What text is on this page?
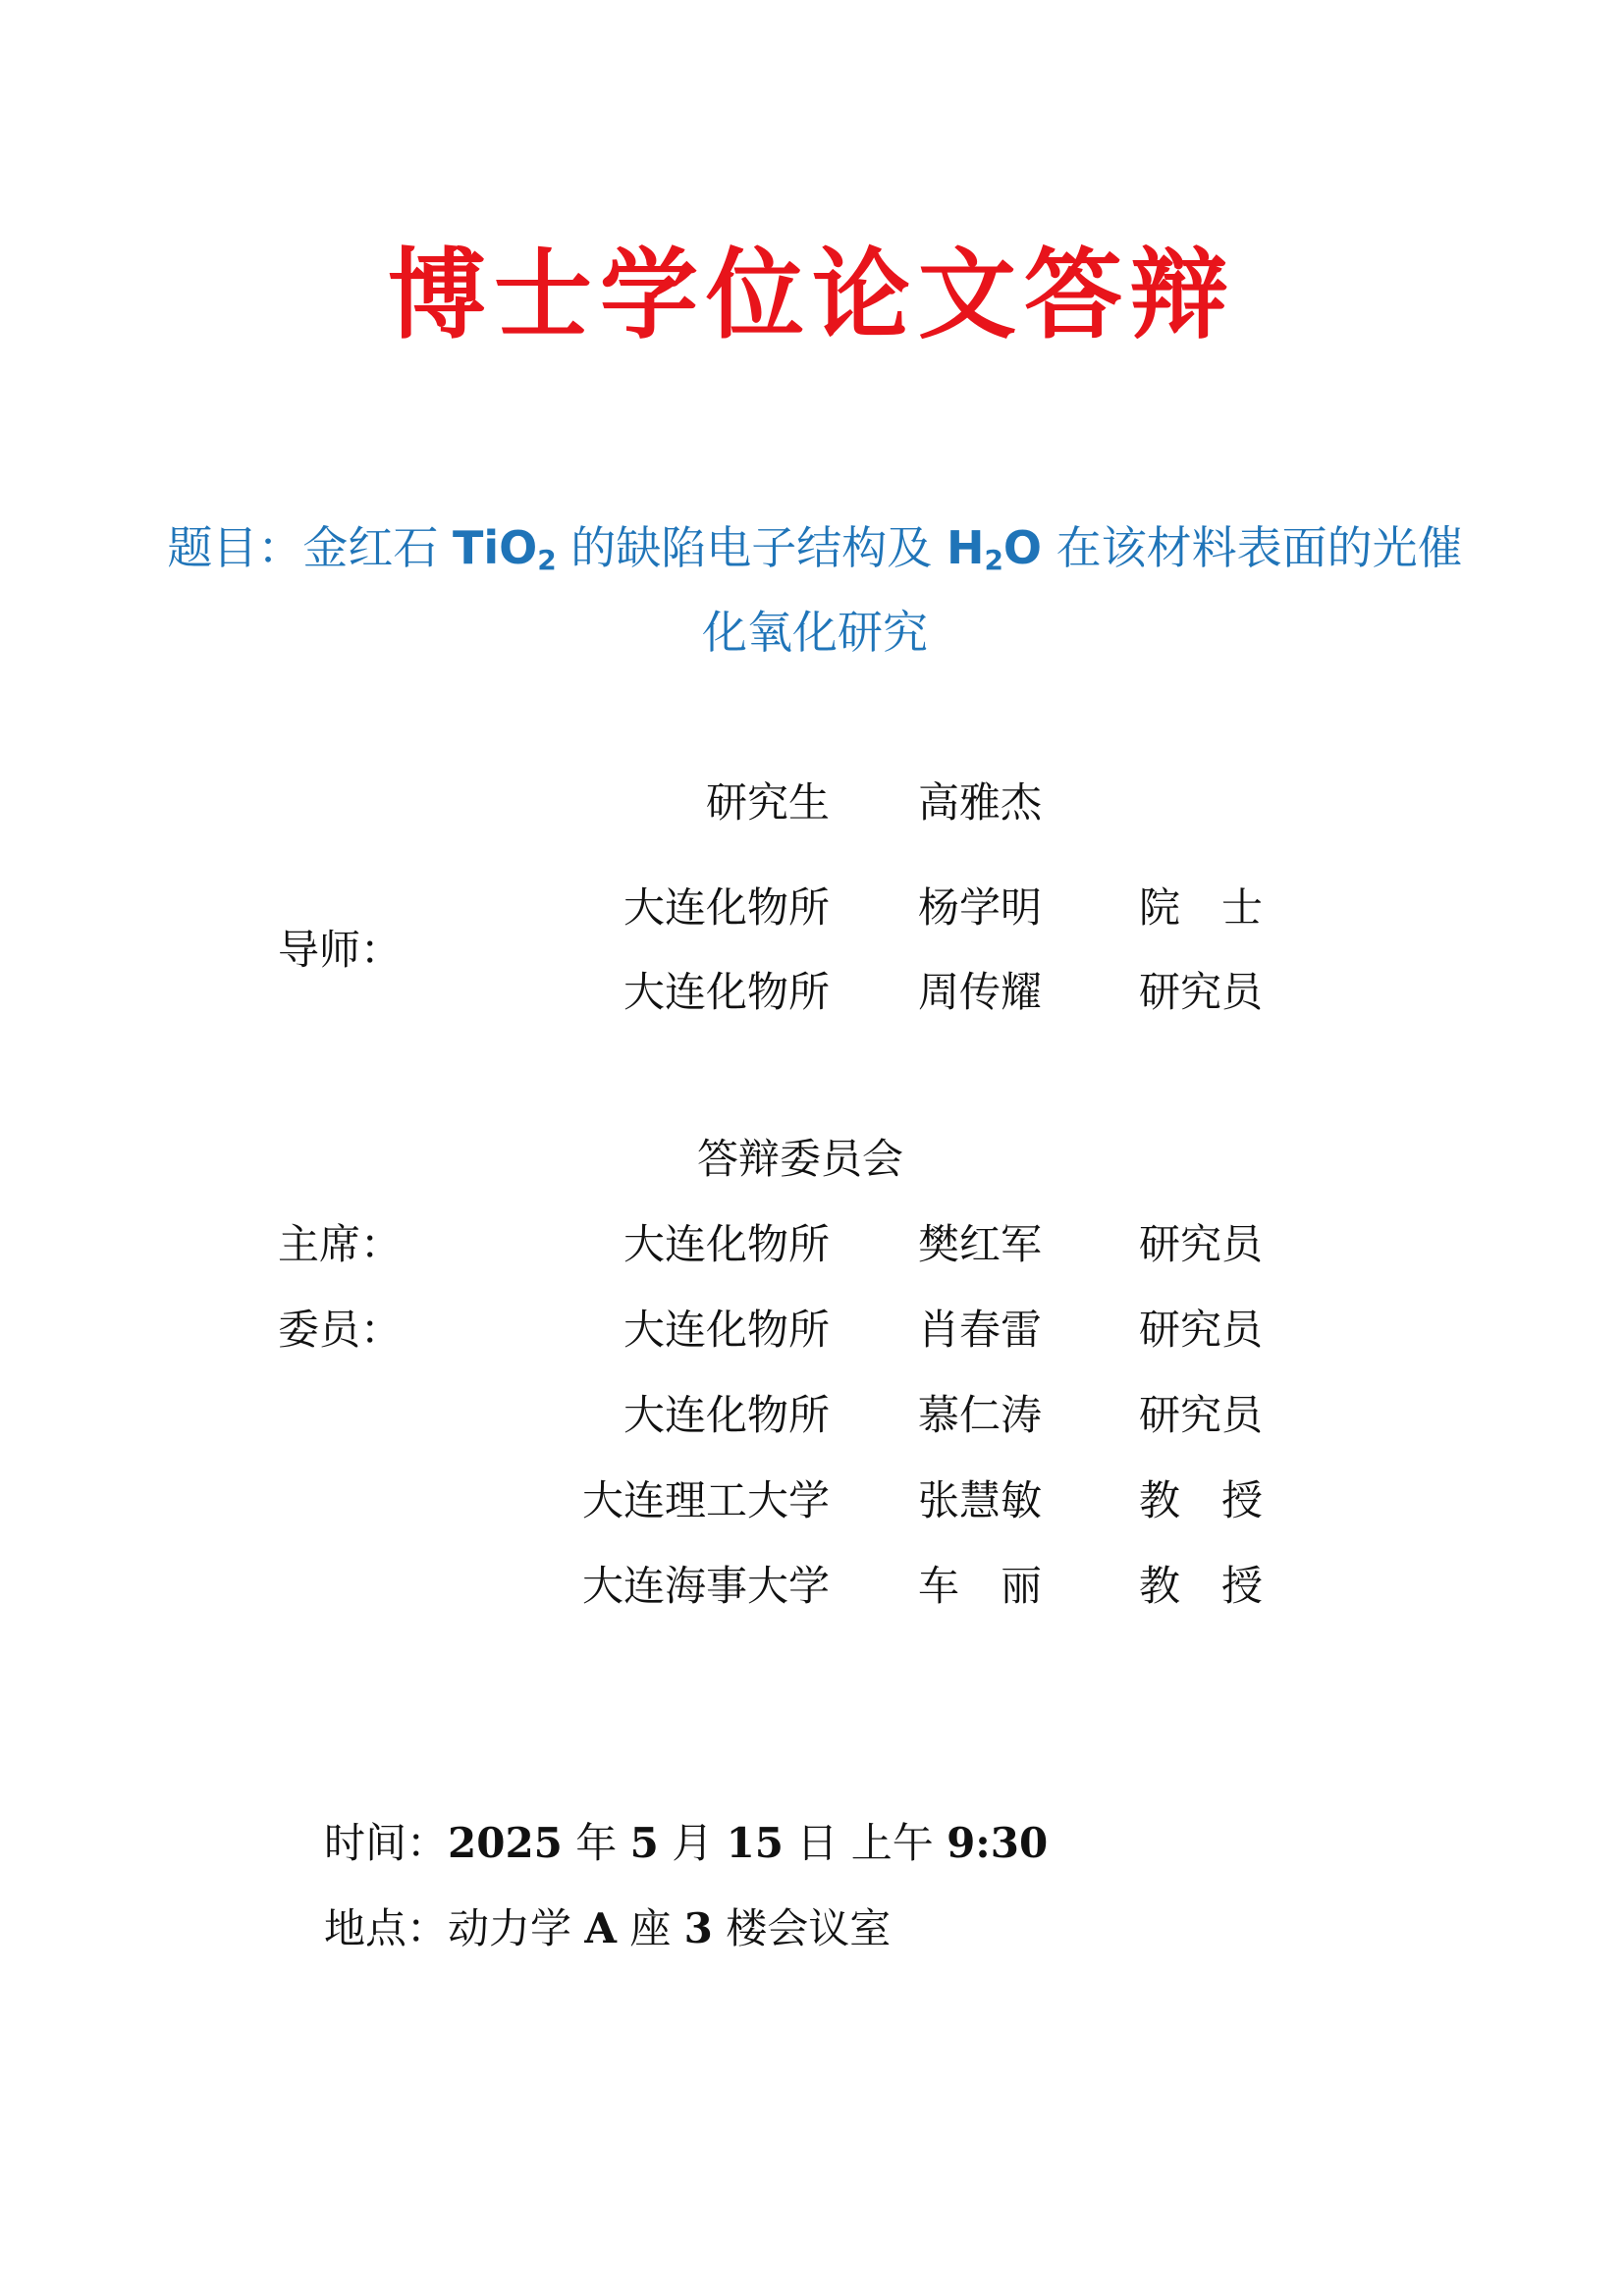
博士学位论文答辩
题目：金红石 TiO$_2$ 的缺陷电子结构及 $H_2O$ 在该材料表面的光催化氧化研究
研究生 高雅杰
导师：
大连化物所 杨学明 院　士
大连化物所 周传耀 研究员
答辩委员会
主席：	大连化物所 樊红军 研究员
委员：	大连化物所 肖春雷 研究员
大连化物所 慕仁涛 研究员
大连理工大学 张慧敏 教　授
大连海事大学 车　丽 教　授
时间：2025 年 5 月 15 日 上午 9:30
地点：动力学 A 座 3 楼会议室
